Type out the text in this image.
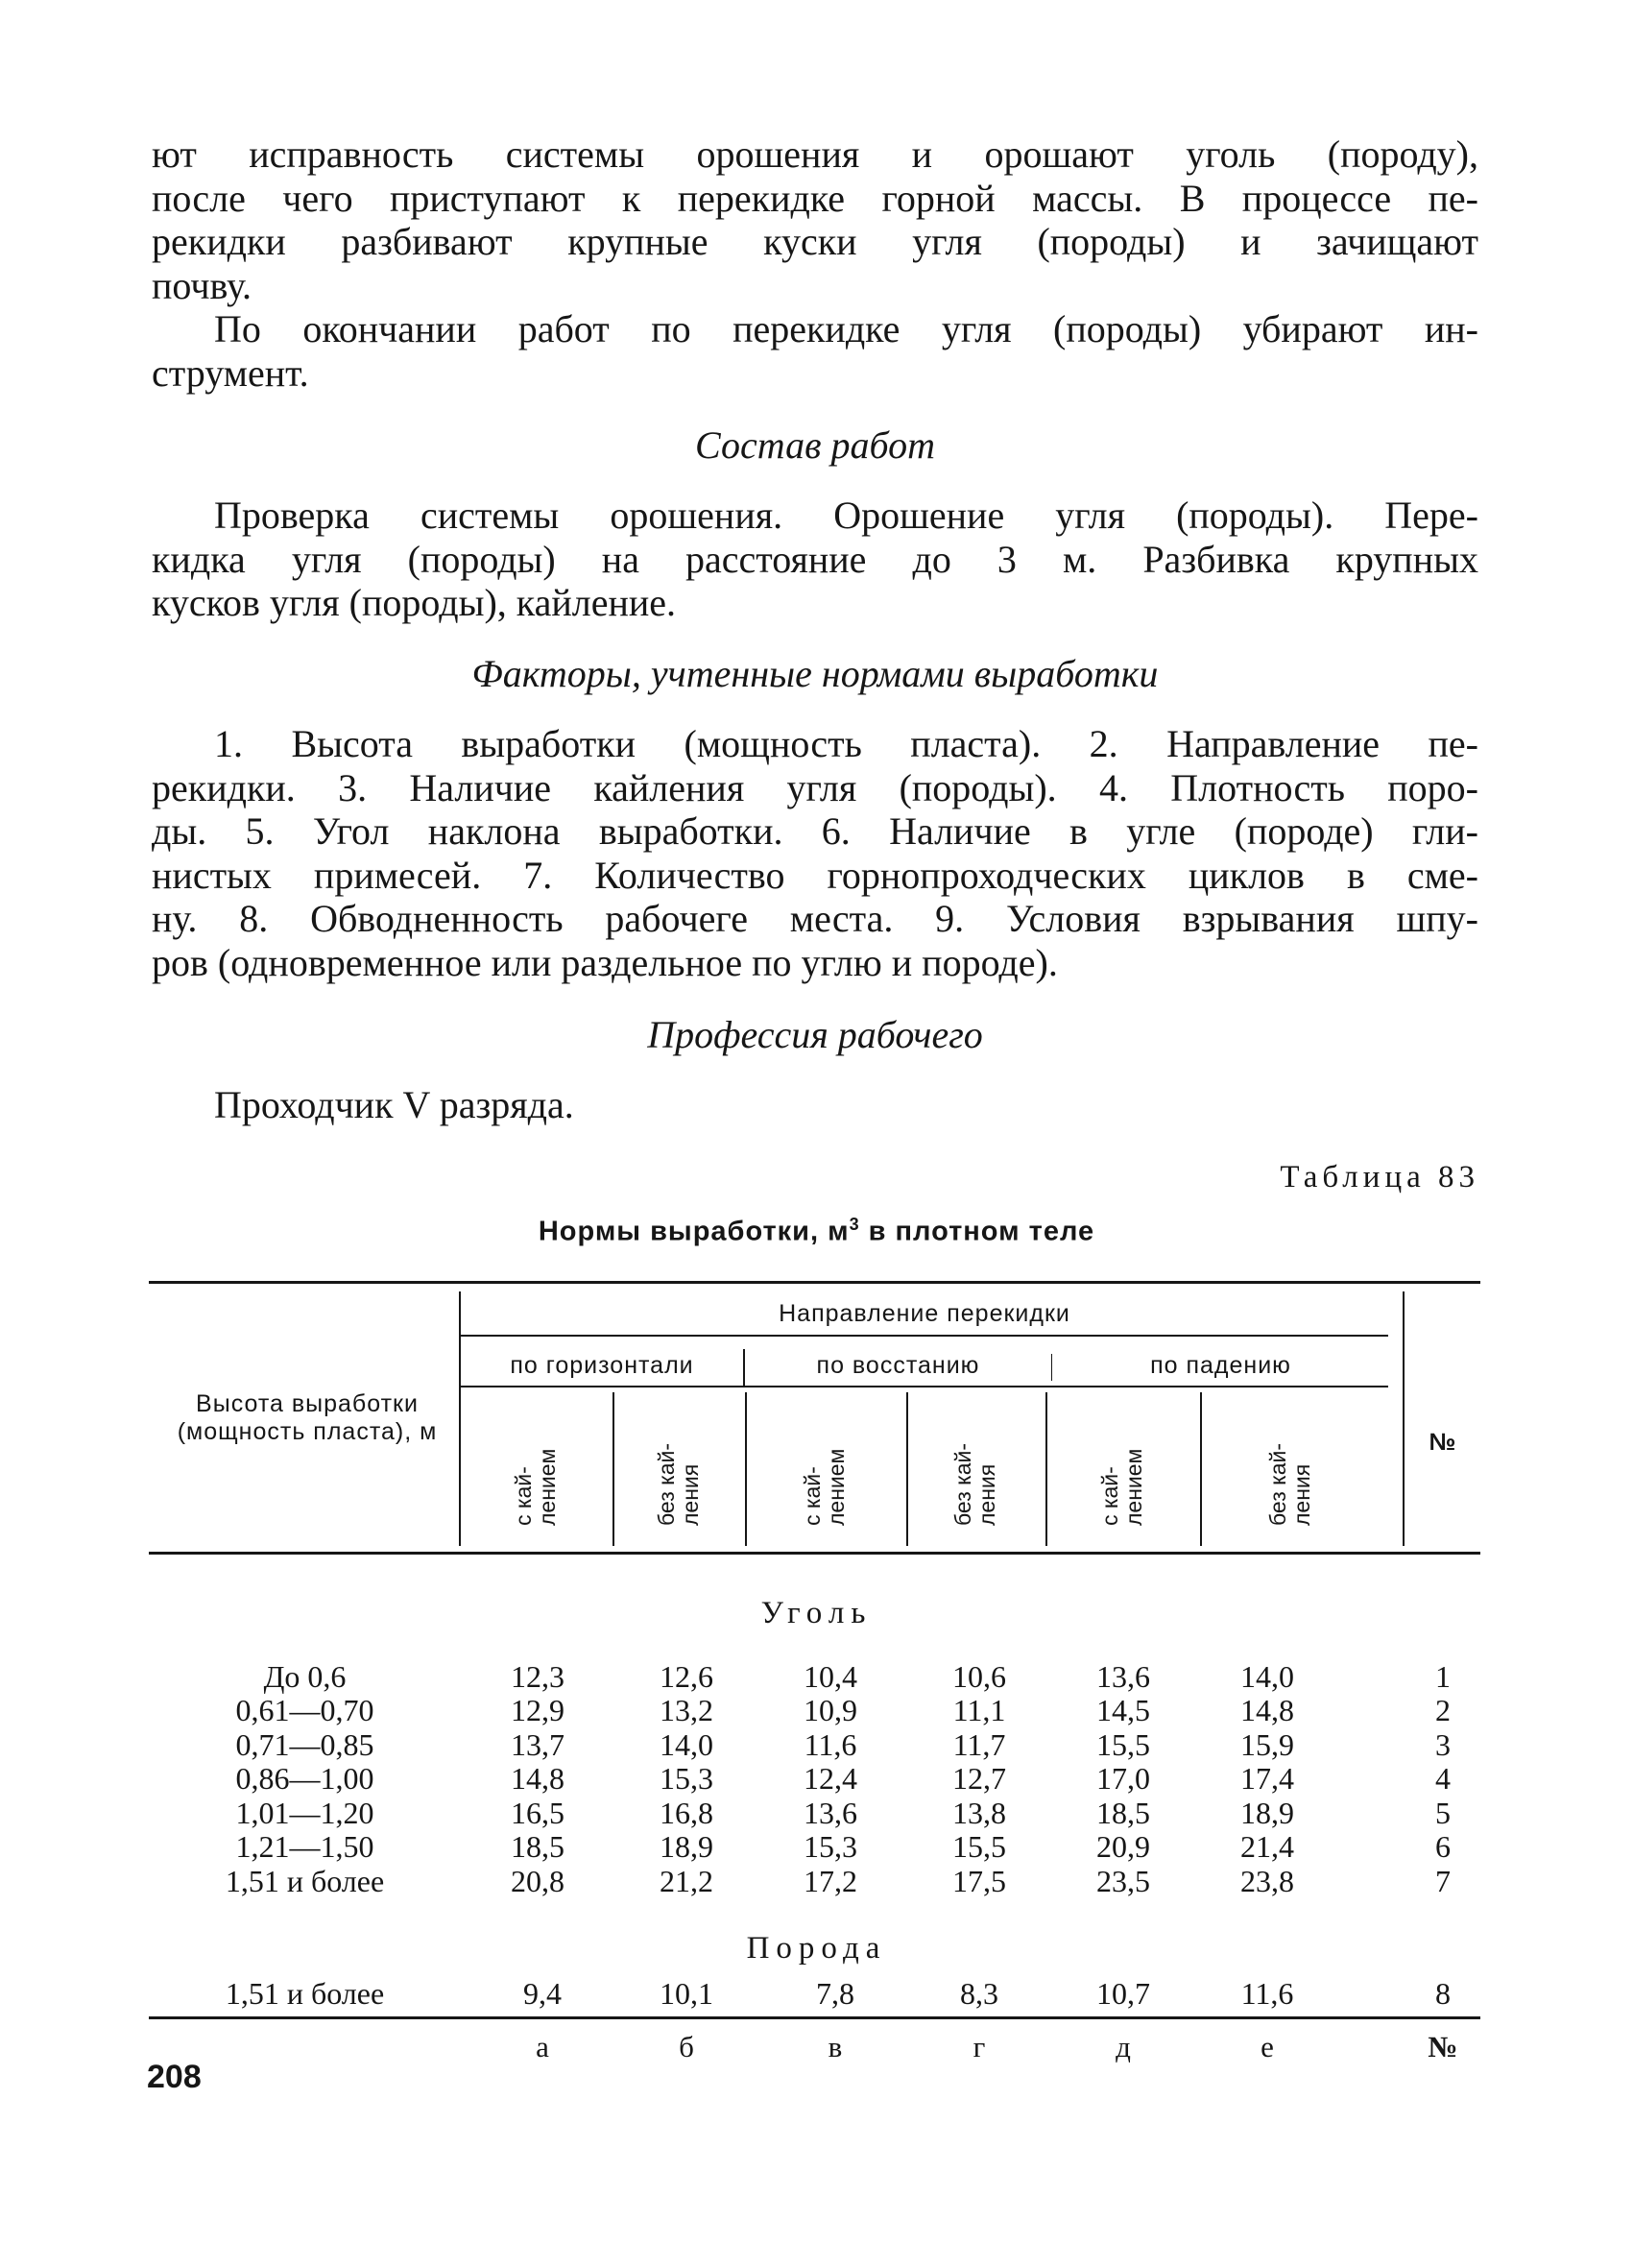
ют исправность системы орошения и орошают уголь (породу),
после чего приступают к перекидке горной массы. В процессе пе-
рекидки разбивают крупные куски угля (породы) и зачищают
почву.
По окончании работ по перекидке угля (породы) убирают ин-
струмент.
Состав работ
Проверка системы орошения. Орошение угля (породы). Пере-
кидка угля (породы) на расстояние до 3 м. Разбивка крупных
кусков угля (породы), кайление.
Факторы, учтенные нормами выработки
1. Высота выработки (мощность пласта). 2. Направление пе-
рекидки. 3. Наличие кайления угля (породы). 4. Плотность поро-
ды. 5. Угол наклона выработки. 6. Наличие в угле (породе) гли-
нистых примесей. 7. Количество горнопроходческих циклов в сме-
ну. 8. Обводненность рабочеге места. 9. Условия взрывания шпу-
ров (одновременное или раздельное по углю и породе).
Профессия рабочего
Проходчик V разряда.
Таблица 83
Нормы выработки, $м^3$ в плотном теле
Высота выработки
(мощность пласта), м
Направление перекидки
по горизонтали	по восстанию	по падению
№
с кай- лением	без кай- ления	с кай- лением	без кай- ления	с кай- лением	без кай- ления
Уголь
До 0,6	12,3	12,6	10,4	10,6	13,6	14,0	1
0,61—0,70	12,9	13,2	10,9	11,1	14,5	14,8	2
0,71—0,85	13,7	14,0	11,6	11,7	15,5	15,9	3
0,86—1,00	14,8	15,3	12,4	12,7	17,0	17,4	4
1,01—1,20	16,5	16,8	13,6	13,8	18,5	18,9	5
1,21—1,50	18,5	18,9	15,3	15,5	20,9	21,4	6
1,51 и более	20,8	21,2	17,2	17,5	23,5	23,8	7
Порода
1,51 и более	9,4	10,1	7,8	8,3	10,7	11,6	8
а	б	в	г	д	е	№
208
